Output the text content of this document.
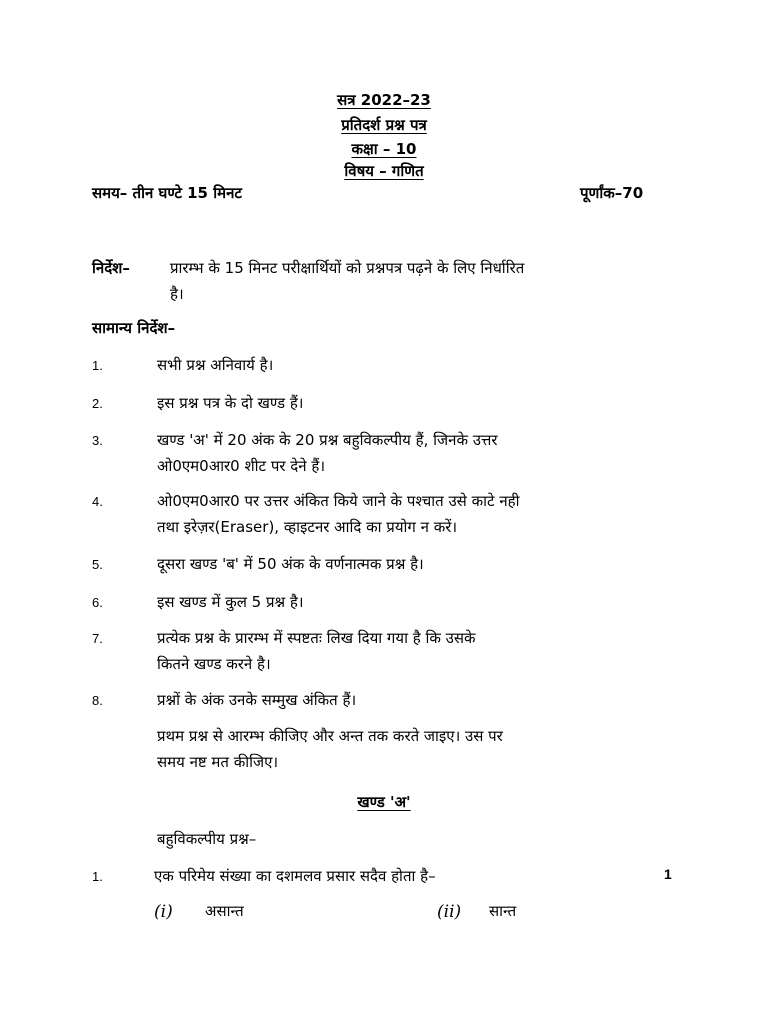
सत्र 2022–23
प्रतिदर्श प्रश्न पत्र
कक्षा – 10
विषय – गणित
समय– तीन घण्टे 15 मिनट	पूर्णांक–70
निर्देश–	प्रारम्भ के 15 मिनट परीक्षार्थियों को प्रश्नपत्र पढ़ने के लिए निर्धारित
है।
सामान्य निर्देश–
1.	सभी प्रश्न अनिवार्य है।
2.	इस प्रश्न पत्र के दो खण्ड हैं।
3.	खण्ड 'अ' में 20 अंक के 20 प्रश्न बहुविकल्पीय हैं, जिनके उत्तर
ओ0एम0आर0 शीट पर देने हैं।
4.	ओ0एम0आर0 पर उत्तर अंकित किये जाने के पश्चात उसे काटे नही
तथा इरेज़र(Eraser), व्हाइटनर आदि का प्रयोग न करें।
5.	दूसरा खण्ड 'ब' में 50 अंक के वर्णनात्मक प्रश्न है।
6.	इस खण्ड में कुल 5 प्रश्न है।
7.	प्रत्येक प्रश्न के प्रारम्भ में स्पष्टतः लिख दिया गया है कि उसके
कितने खण्ड करने है।
8.	प्रश्नों के अंक उनके सम्मुख अंकित हैं।
प्रथम प्रश्न से आरम्भ कीजिए और अन्त तक करते जाइए। उस पर
समय नष्ट मत कीजिए।
खण्ड 'अ'
बहुविकल्पीय प्रश्न–
1.	एक परिमेय संख्या का दशमलव प्रसार सदैव होता है–	1
(i) असान्त	(ii) सान्त
